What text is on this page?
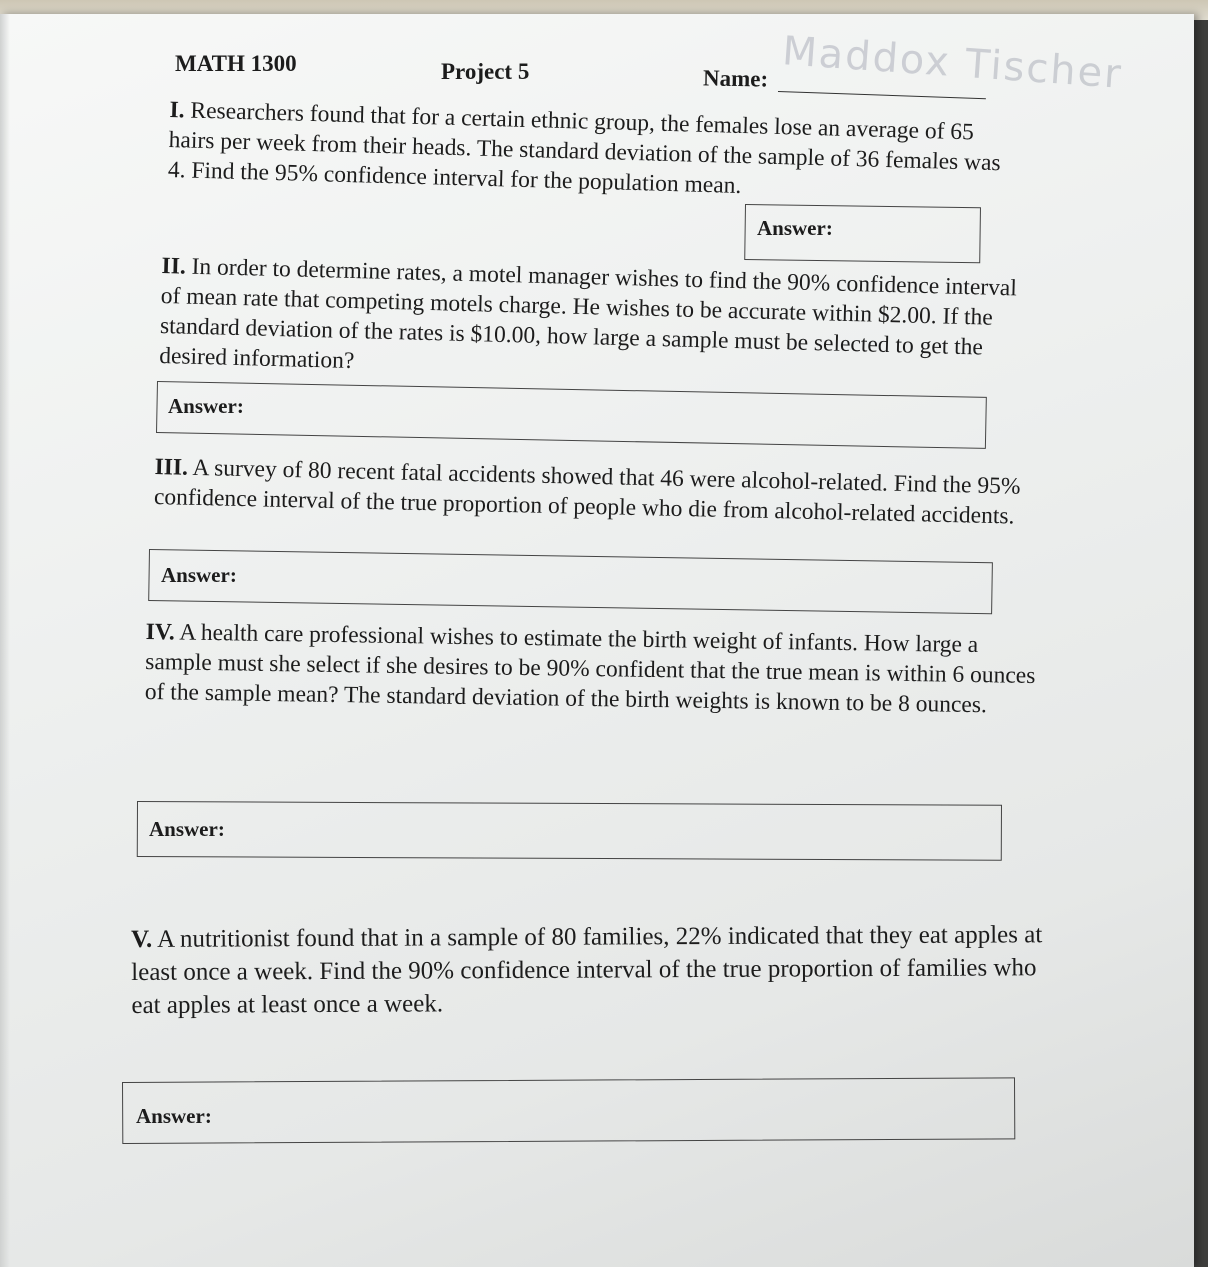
MATH 1300	Project 5	Name: Maddox Tischer

I. Researchers found that for a certain ethnic group, the females lose an average of 65 hairs per week from their heads. The standard deviation of the sample of 36 females was 4. Find the 95% confidence interval for the population mean.

Answer:

II. In order to determine rates, a motel manager wishes to find the 90% confidence interval of mean rate that competing motels charge. He wishes to be accurate within $2.00. If the standard deviation of the rates is $10.00, how large a sample must be selected to get the desired information?

Answer:

III. A survey of 80 recent fatal accidents showed that 46 were alcohol-related. Find the 95% confidence interval of the true proportion of people who die from alcohol-related accidents.

Answer:

IV. A health care professional wishes to estimate the birth weight of infants. How large a sample must she select if she desires to be 90% confident that the true mean is within 6 ounces of the sample mean? The standard deviation of the birth weights is known to be 8 ounces.

Answer:

V. A nutritionist found that in a sample of 80 families, 22% indicated that they eat apples at least once a week. Find the 90% confidence interval of the true proportion of families who eat apples at least once a week.

Answer:
